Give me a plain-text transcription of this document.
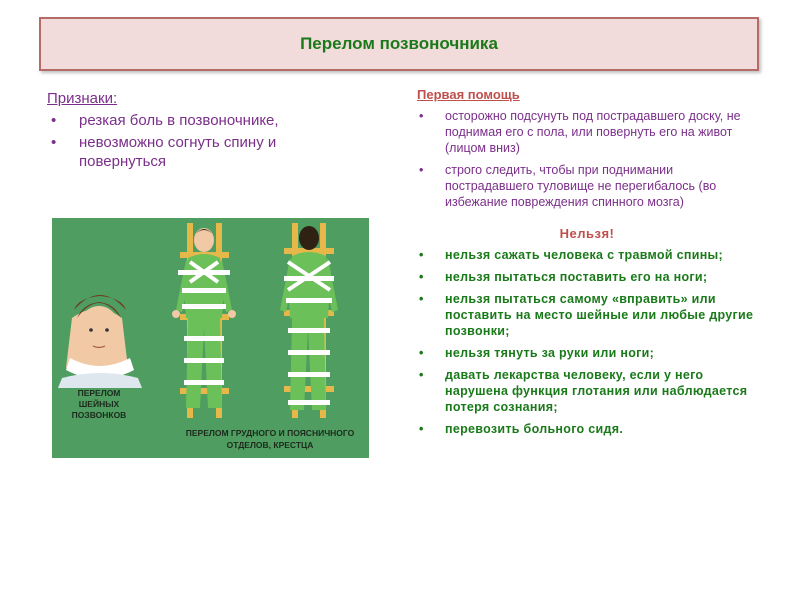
Перелом позвоночника
Признаки:
• резкая боль в позвоночнике,
• невозможно согнуть спину и повернуться
ПЕРЕЛОМ
ШЕЙНЫХ
ПОЗВОНКОВ
ПЕРЕЛОМ ГРУДНОГО И ПОЯСНИЧНОГО
ОТДЕЛОВ, КРЕСТЦА
Первая помощь
• осторожно подсунуть под пострадавшего доску, не поднимая его с пола, или повернуть его на живот (лицом вниз)
• строго следить, чтобы при поднимании пострадавшего туловище не перегибалось (во избежание повреждения спинного мозга)
Нельзя!
• нельзя сажать человека с травмой спины;
• нельзя пытаться поставить его на ноги;
• нельзя пытаться самому «вправить» или поставить на место шейные или любые другие позвонки;
• нельзя тянуть за руки или ноги;
• давать лекарства человеку, если у него нарушена функция глотания или наблюдается потеря сознания;
• перевозить больного сидя.
